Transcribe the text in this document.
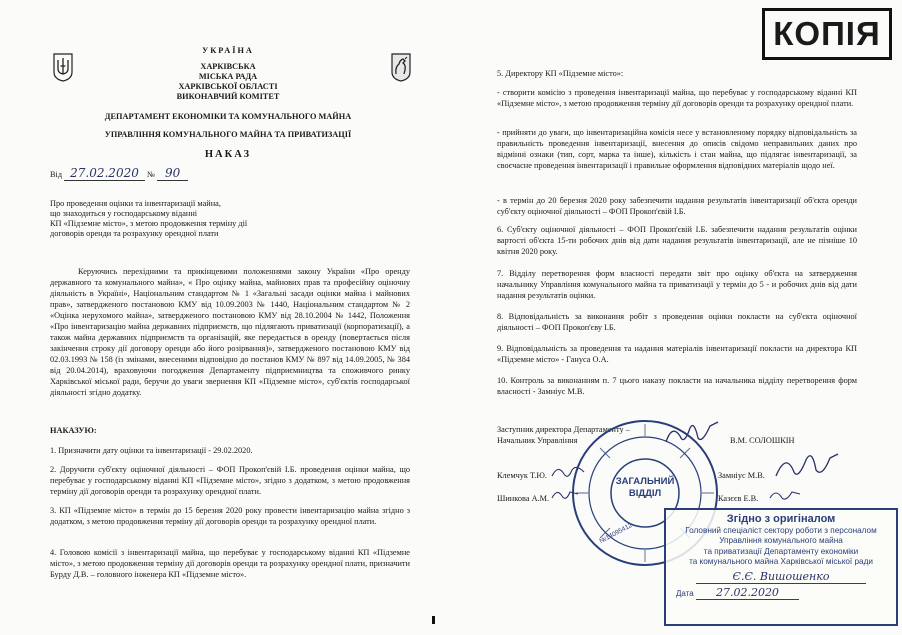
УКРАЇНА
ХАРКІВСЬКА
МІСЬКА РАДА
ХАРКІВСЬКОЇ ОБЛАСТІ
ВИКОНАВЧИЙ КОМІТЕТ
ДЕПАРТАМЕНТ ЕКОНОМІКИ ТА КОМУНАЛЬНОГО МАЙНА
УПРАВЛІННЯ КОМУНАЛЬНОГО МАЙНА ТА ПРИВАТИЗАЦІЇ
НАКАЗ
Від 27.02.2020 № 90
Про проведення оцінки та інвентаризації майна,
що знаходиться у господарському віданні
КП «Підземне місто», з метою продовження терміну дії
договорів оренди та розрахунку орендної плати
Керуючись перехідними та прикінцевими положеннями закону України «Про оренду державного та комунального майна», « Про оцінку майна, майнових прав та професійну оціночну діяльність в Україні», Національним стандартом № 1 «Загальні засади оцінки майна і майнових прав», затвердженого постановою КМУ від 10.09.2003 № 1440, Національним стандартом № 2 «Оцінка нерухомого майна», затвердженого постановою КМУ від 28.10.2004 № 1442, Положення «Про інвентаризацію майна державних підприємств, що підлягають приватизації (корпоратизації), а також майна державних підприємств та організацій, яке передається в оренду (повертається після закінчення строку дії договору оренди або його розірвання)», затвердженого постановою КМУ від 02.03.1993 № 158 (із змінами, внесеними відповідно до постанов КМУ № 897 від 14.09.2005, № 384 від 20.04.2014), враховуючи погодження Департаменту підприємництва та споживчого ринку Харківської міської ради, беручи до уваги звернення КП «Підземне місто», суб'єктів господарської діяльності згідно додатку.
НАКАЗУЮ:
1. Призначити дату оцінки та інвентаризації - 29.02.2020.
2. Доручити суб'єкту оціночної діяльності – ФОП Прокоп'євій І.Б. проведення оцінки майна, що перебуває у господарському віданні КП «Підземне місто», згідно з додатком, з метою продовження терміну дії договорів оренди та розрахунку орендної плати.
3. КП «Підземне місто» в термін до 15 березня 2020 року провести інвентаризацію майна згідно з додатком, з метою продовження терміну дії договорів оренди та розрахунку орендної плати.
4. Головою комісії з інвентаризації майна, що перебуває у господарському віданні КП «Підземне місто», з метою продовження терміну дії договорів оренди та розрахунку орендної плати, призначити Бурду Д.В. – головного інженера КП «Підземне місто».
КОПІЯ
5. Директору КП «Підземне місто»:
- створити комісію з проведення інвентаризації майна, що перебуває у господарському віданні КП «Підземне місто», з метою продовження терміну дії договорів оренди та розрахунку орендної плати.
- прийняти до уваги, що інвентаризаційна комісія несе у встановленому порядку відповідальність за правильність проведення інвентаризації, внесення до описів свідомо неправильних даних про відмінні ознаки (тип, сорт, марка та інше), кількість і стан майна, що підлягає інвентаризації, за своєчасне проведення інвентаризації і правильне оформлення відповідних матеріалів щодо неї.
- в термін до 20 березня 2020 року забезпечити надання результатів інвентаризації об'єкта оренди суб'єкту оціночної діяльності – ФОП Прокоп'євій І.Б.
6. Суб'єкту оціночної діяльності – ФОП Прокоп'євій І.Б. забезпечити надання результатів оцінки вартості об'єкта 15-ти робочих днів від дати надання результатів інвентаризації, але не пізніше 10 квітня 2020 року.
7. Відділу перетворення форм власності передати звіт про оцінку об'єкта на затвердження начальнику Управління комунального майна та приватизації у термін до 5 - и робочих днів від дати надання результатів оцінки.
8. Відповідальність за виконання робіт з проведення оцінки покласти на суб'єкта оціночної діяльності – ФОП Прокоп'єву І.Б.
9. Відповідальність за проведення та надання матеріалів інвентаризації покласти на директора КП «Підземне місто» - Гануса О.А.
10. Контроль за виконанням п. 7 цього наказу покласти на начальника відділу перетворення форм власності - Замніус М.В.
Заступник директора Департаменту –
Начальник Управління	В.М. СОЛОШКІН
Клемчук Т.Ю.
Шинкова А.М.
Замніус М.В.
Казєєв Е.В.
ЗАГАЛЬНИЙ
ВІДДІЛ
№14095412
Згідно з оригіналом
Головний спеціаліст сектору роботи з персоналом
Управління комунального майна
та приватизації Департаменту економіки
та комунального майна Харківської міської ради
Є.Є. Вишошенко
Дата 27.02.2020
